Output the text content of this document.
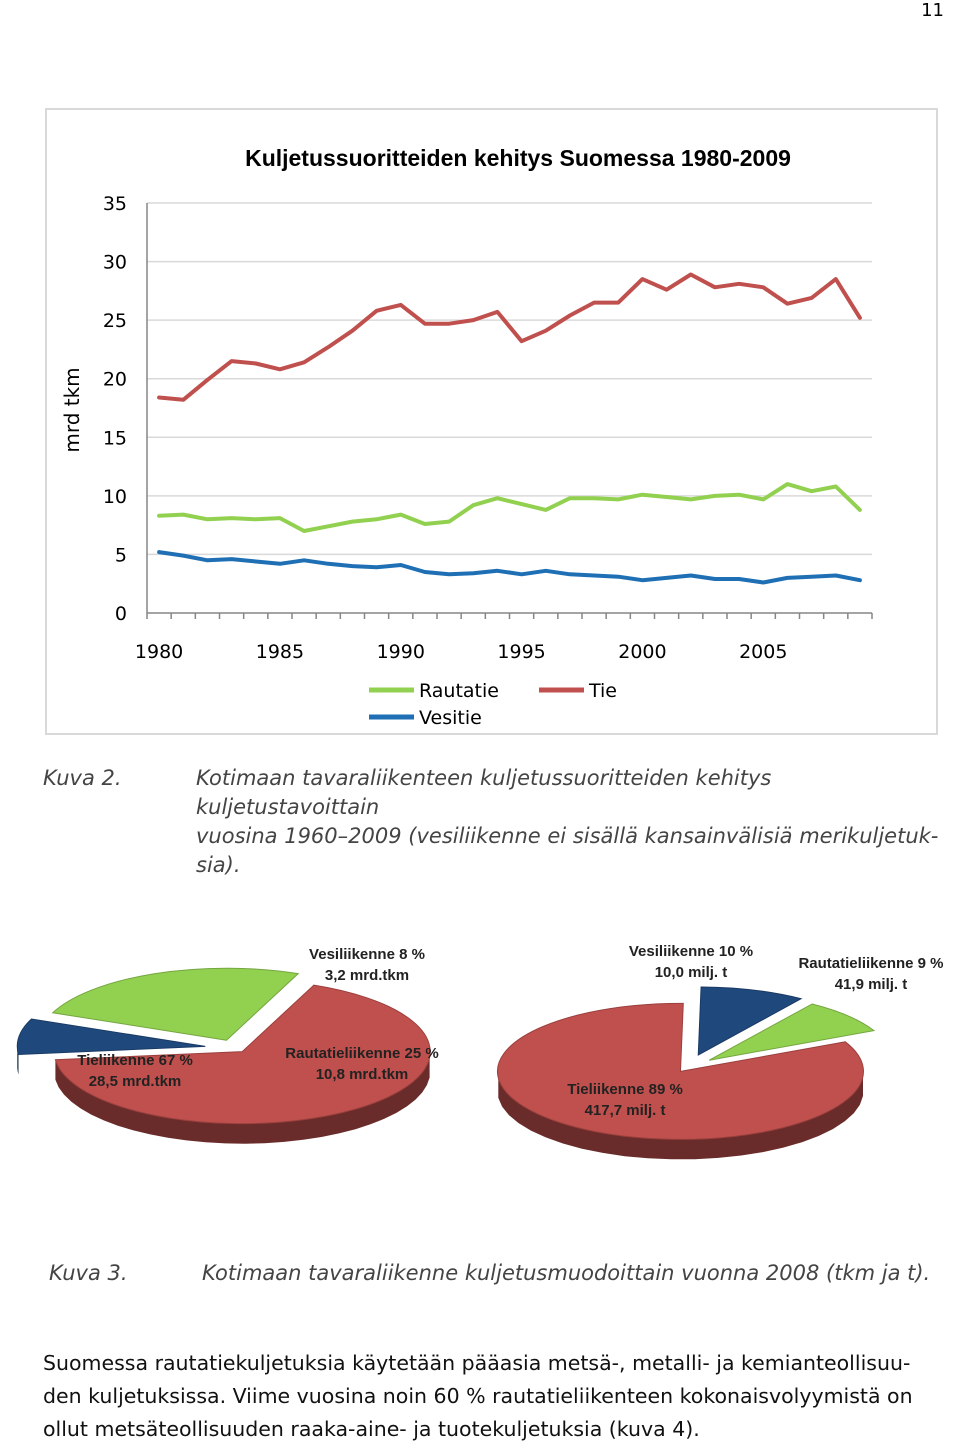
11
Kuljetussuoritteiden kehitys Suomessa 1980-2009
mrd tkm
0
5
10
15
20
25
30
35
1980	1985	1990	1995	2000	2005
Rautatie	Tie
Vesitie
Kuva 2.	Kotimaan tavaraliikenteen kuljetussuoritteiden kehitys kuljetustavoittain
vuosina 1960–2009 (vesiliikenne ei sisällä kansainvälisiä merikuljetuk-
sia).
Vesiliikenne 8 %
3,2 mrd.tkm
Tieliikenne 67 %
28,5 mrd.tkm
Rautatieliikenne 25 %
10,8 mrd.tkm
Vesiliikenne 10 %
10,0 milj. t
Rautatieliikenne 9 %
41,9 milj. t
Tieliikenne 89 %
417,7 milj. t
Kuva 3.	Kotimaan tavaraliikenne kuljetusmuodoittain vuonna 2008 (tkm ja t).
Suomessa rautatiekuljetuksia käytetään pääasia metsä-, metalli- ja kemianteollisuu-
den kuljetuksissa. Viime vuosina noin 60 % rautatieliikenteen kokonaisvolyymistä on
ollut metsäteollisuuden raaka-aine- ja tuotekuljetuksia (kuva 4).
